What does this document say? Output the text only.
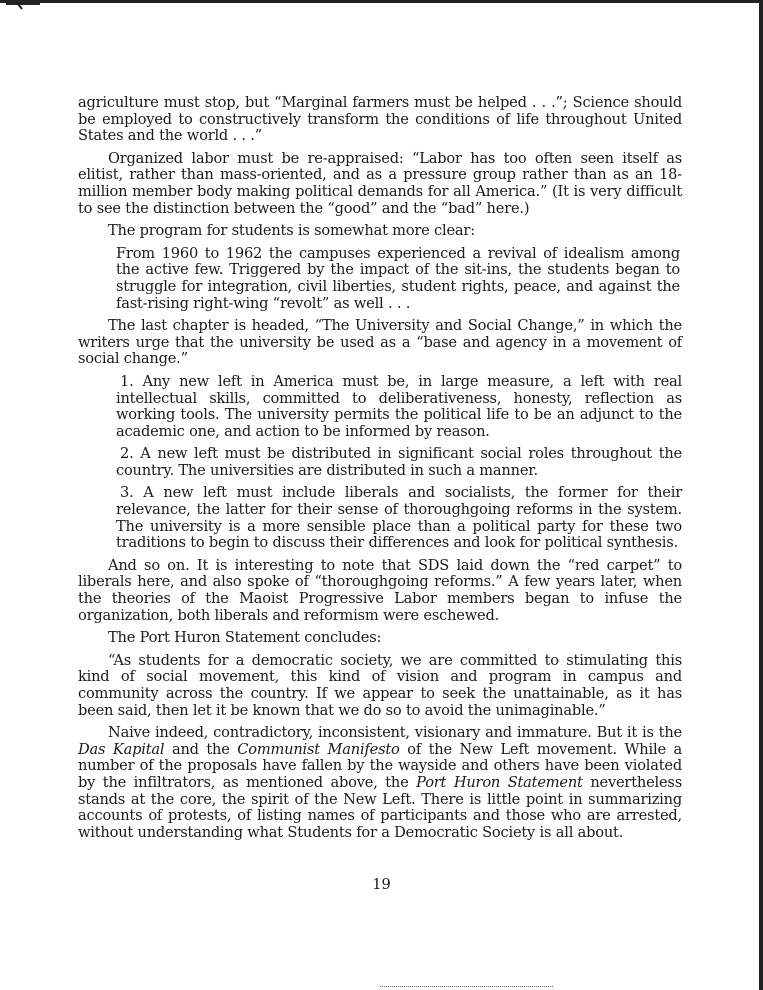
agriculture must stop, but “Marginal farmers must be helped . . .”; Science should be employed to constructively transform the conditions of life throughout United States and the world . . .”

Organized labor must be re-appraised: “Labor has too often seen itself as elitist, rather than mass-oriented, and as a pressure group rather than as an 18-million member body making political demands for all America.” (It is very difficult to see the distinction between the “good” and the “bad” here.)

The program for students is somewhat more clear:

From 1960 to 1962 the campuses experienced a revival of idealism among the active few. Triggered by the impact of the sit-ins, the students began to struggle for integration, civil liberties, student rights, peace, and against the fast-rising right-wing “revolt” as well . . .

The last chapter is headed, “The University and Social Change,” in which the writers urge that the university be used as a “base and agency in a movement of social change.”

1. Any new left in America must be, in large measure, a left with real intellectual skills, committed to deliberativeness, honesty, reflection as working tools. The university permits the political life to be an adjunct to the academic one, and action to be informed by reason.

2. A new left must be distributed in significant social roles throughout the country. The universities are distributed in such a manner.

3. A new left must include liberals and socialists, the former for their relevance, the latter for their sense of thoroughgoing reforms in the system. The university is a more sensible place than a political party for these two traditions to begin to discuss their differences and look for political synthesis.

And so on. It is interesting to note that SDS laid down the “red carpet” to liberals here, and also spoke of “thoroughgoing reforms.” A few years later, when the theories of the Maoist Progressive Labor members began to infuse the organization, both liberals and reformism were eschewed.

The Port Huron Statement concludes:

“As students for a democratic society, we are committed to stimulating this kind of social movement, this kind of vision and program in campus and community across the country. If we appear to seek the unattainable, as it has been said, then let it be known that we do so to avoid the unimaginable.”

Naive indeed, contradictory, inconsistent, visionary and immature. But it is the Das Kapital and the Communist Manifesto of the New Left movement. While a number of the proposals have fallen by the wayside and others have been violated by the infiltrators, as mentioned above, the Port Huron Statement nevertheless stands at the core, the spirit of the New Left. There is little point in summarizing accounts of protests, of listing names of participants and those who are arrested, without understanding what Students for a Democratic Society is all about.

19
